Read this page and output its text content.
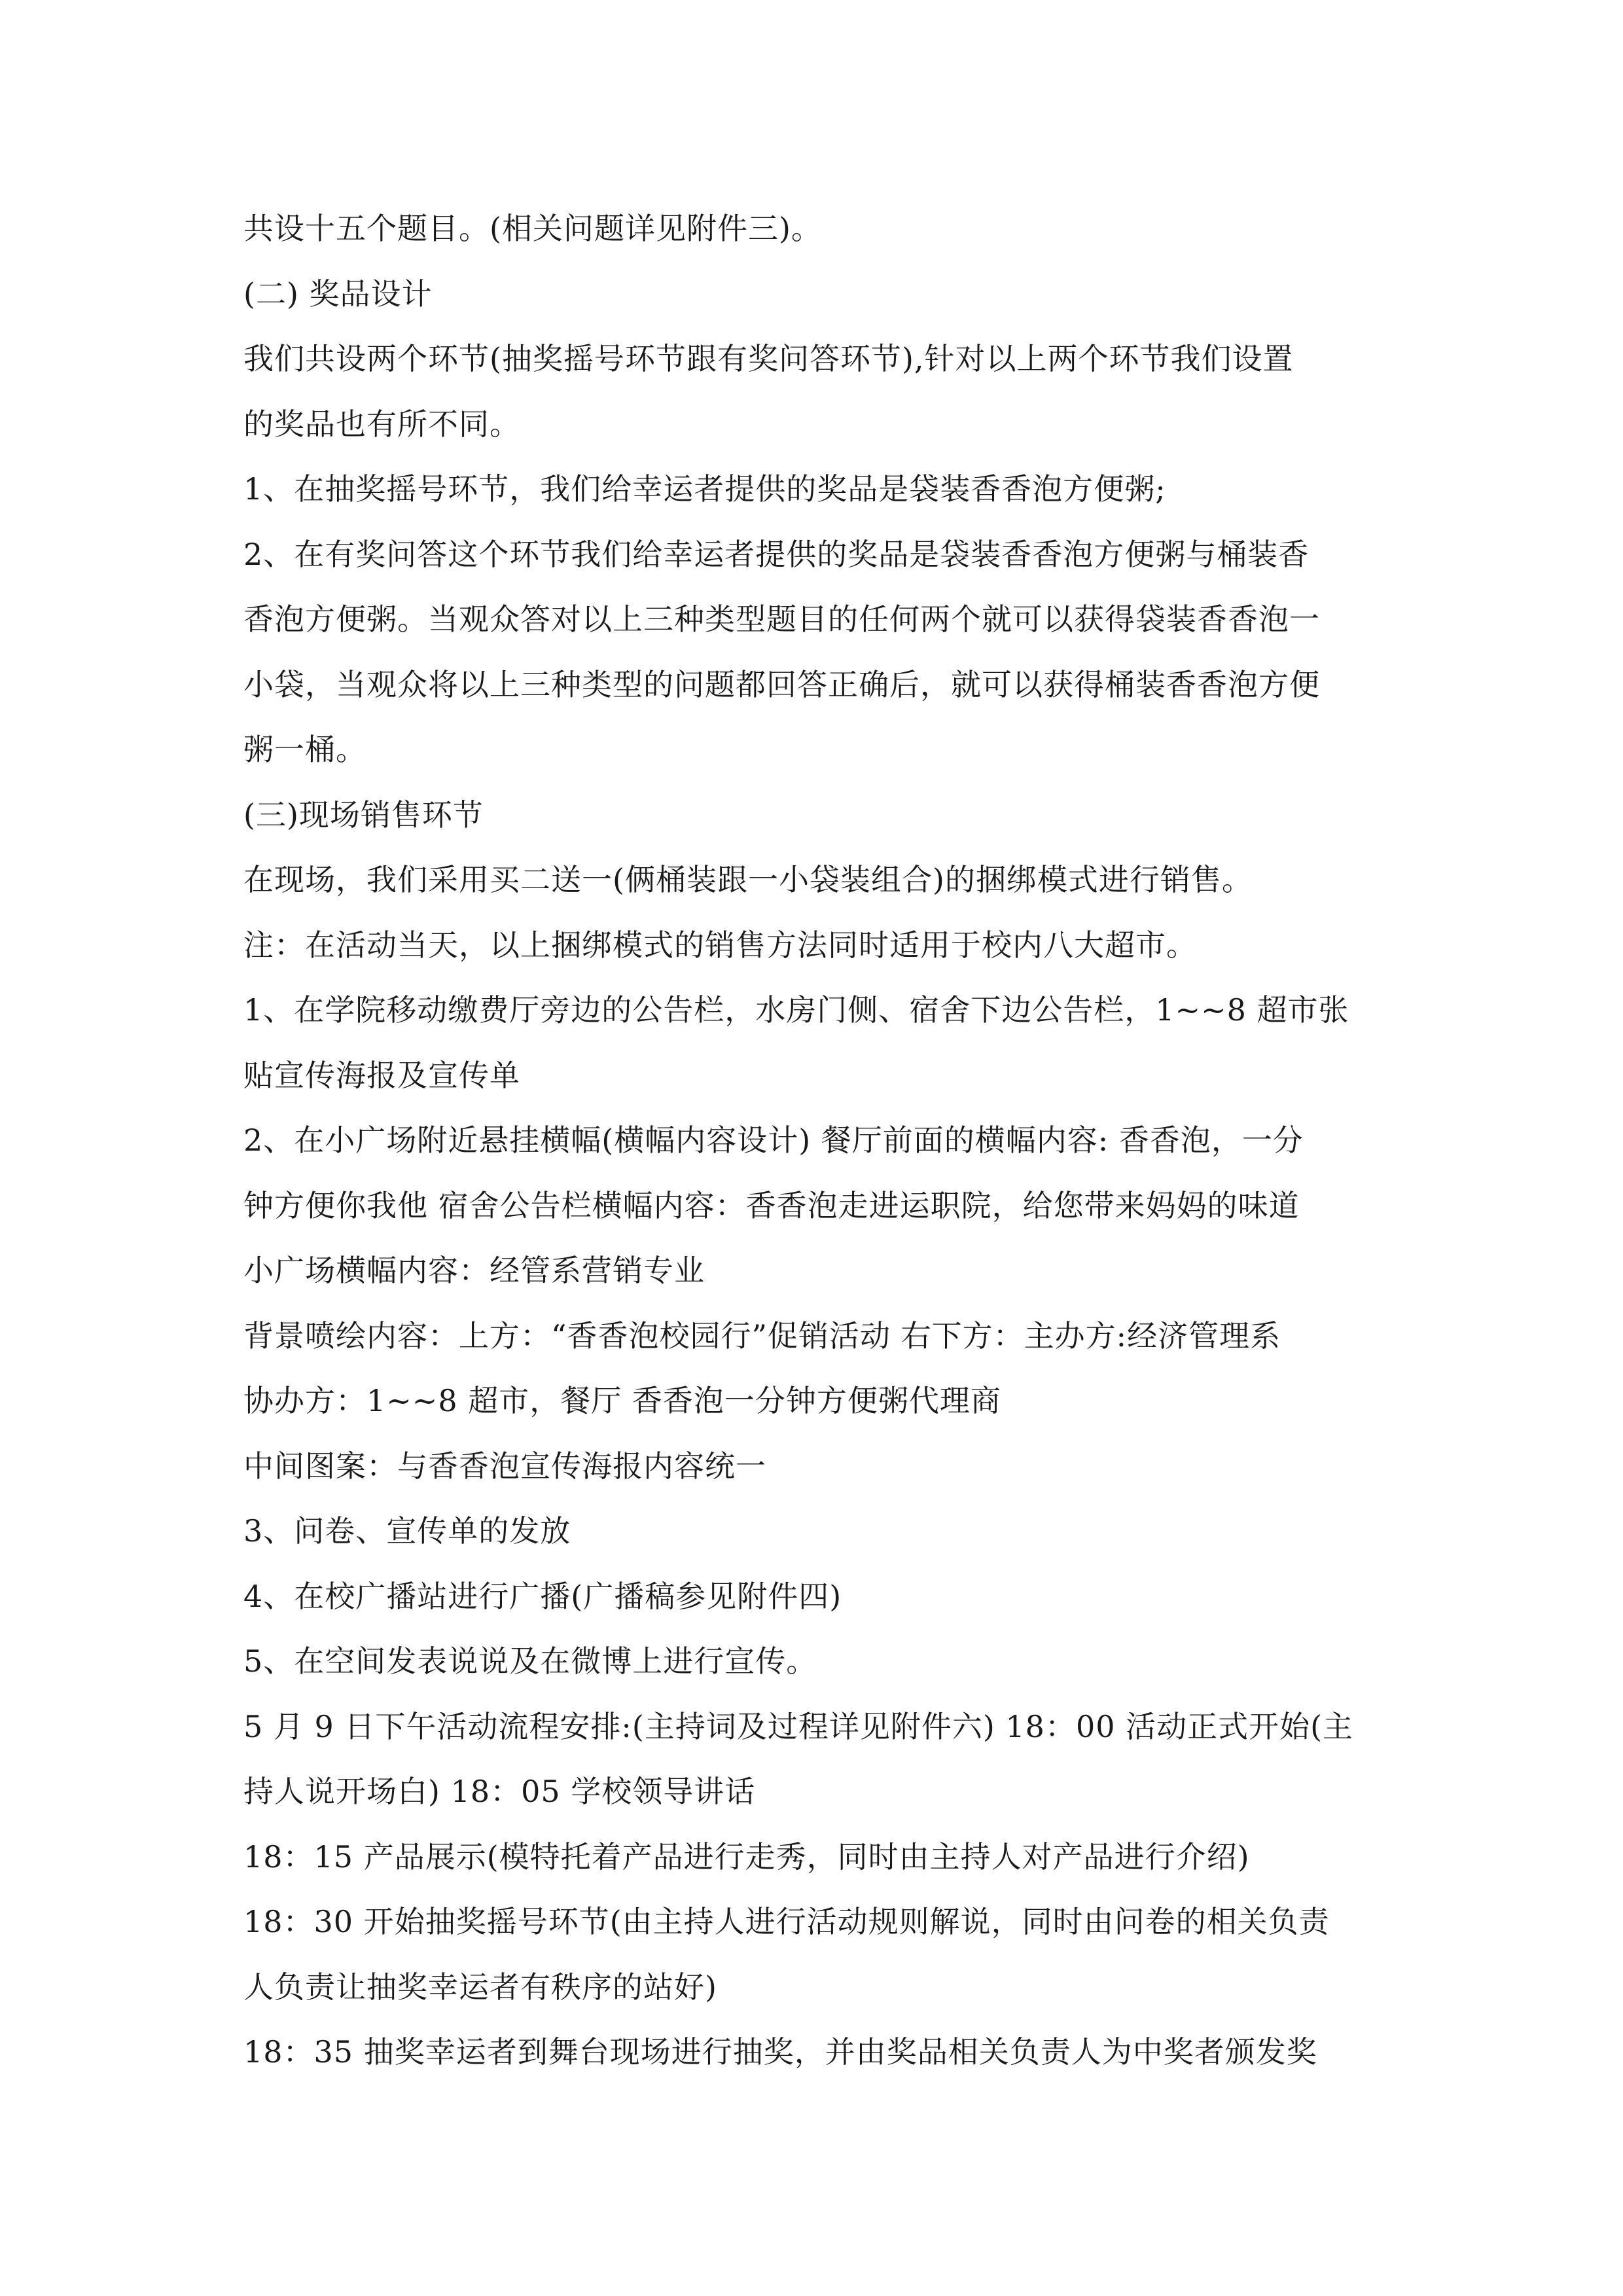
共设十五个题目。(相关问题详见附件三)。
(二) 奖品设计
我们共设两个环节(抽奖摇号环节跟有奖问答环节),针对以上两个环节我们设置
的奖品也有所不同。
1、在抽奖摇号环节，我们给幸运者提供的奖品是袋装香香泡方便粥;
2、在有奖问答这个环节我们给幸运者提供的奖品是袋装香香泡方便粥与桶装香
香泡方便粥。当观众答对以上三种类型题目的任何两个就可以获得袋装香香泡一
小袋，当观众将以上三种类型的问题都回答正确后，就可以获得桶装香香泡方便
粥一桶。
(三)现场销售环节
在现场，我们采用买二送一(俩桶装跟一小袋装组合)的捆绑模式进行销售。
注：在活动当天，以上捆绑模式的销售方法同时适用于校内八大超市。
1、在学院移动缴费厅旁边的公告栏，水房门侧、宿舍下边公告栏，1~~8 超市张
贴宣传海报及宣传单
2、在小广场附近悬挂横幅(横幅内容设计) 餐厅前面的横幅内容: 香香泡，一分
钟方便你我他 宿舍公告栏横幅内容：香香泡走进运职院，给您带来妈妈的味道
小广场横幅内容：经管系营销专业
背景喷绘内容：上方：“香香泡校园行”促销活动 右下方：主办方:经济管理系
协办方：1~~8 超市，餐厅 香香泡一分钟方便粥代理商
中间图案：与香香泡宣传海报内容统一
3、问卷、宣传单的发放
4、在校广播站进行广播(广播稿参见附件四)
5、在空间发表说说及在微博上进行宣传。
5 月 9 日下午活动流程安排:(主持词及过程详见附件六) 18：00 活动正式开始(主
持人说开场白) 18：05 学校领导讲话
18：15 产品展示(模特托着产品进行走秀，同时由主持人对产品进行介绍)
18：30 开始抽奖摇号环节(由主持人进行活动规则解说，同时由问卷的相关负责
人负责让抽奖幸运者有秩序的站好)
18：35 抽奖幸运者到舞台现场进行抽奖，并由奖品相关负责人为中奖者颁发奖
